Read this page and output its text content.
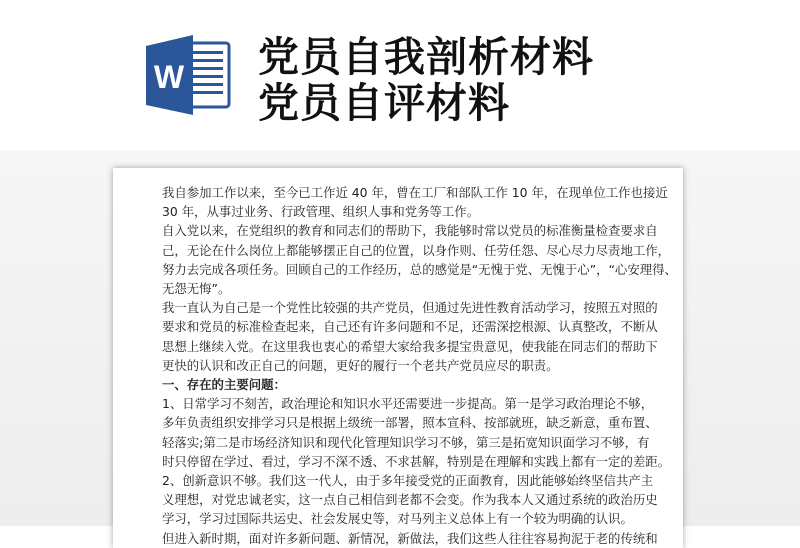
W 党员自我剖析材料
党员自评材料
我自参加工作以来，至今已工作近 40 年，曾在工厂和部队工作 10 年，在现单位工作也接近
30 年，从事过业务、行政管理、组织人事和党务等工作。
自入党以来，在党组织的教育和同志们的帮助下，我能够时常以党员的标准衡量检查要求自
己，无论在什么岗位上都能够摆正自己的位置，以身作则、任劳任怨、尽心尽力尽责地工作，
努力去完成各项任务。回顾自己的工作经历，总的感觉是“无愧于党、无愧于心”，“心安理得、
无怨无悔”。
我一直认为自己是一个党性比较强的共产党员，但通过先进性教育活动学习，按照五对照的
要求和党员的标准检查起来，自己还有许多问题和不足，还需深挖根源、认真整改，不断从
思想上继续入党。在这里我也衷心的希望大家给我多提宝贵意见，使我能在同志们的帮助下
更快的认识和改正自己的问题，更好的履行一个老共产党员应尽的职责。
一、存在的主要问题：
1、日常学习不刻苦，政治理论和知识水平还需要进一步提高。第一是学习政治理论不够，
多年负责组织安排学习只是根据上级统一部署，照本宣科、按部就班，缺乏新意，重布置、
轻落实;第二是市场经济知识和现代化管理知识学习不够，第三是拓宽知识面学习不够，有
时只停留在学过、看过，学习不深不透、不求甚解，特别是在理解和实践上都有一定的差距。
2、创新意识不够。我们这一代人，由于多年接受党的正面教育，因此能够始终坚信共产主
义理想，对党忠诚老实，这一点自己相信到老都不会变。作为我本人又通过系统的政治历史
学习，学习过国际共运史、社会发展史等，对马列主义总体上有一个较为明确的认识。
但进入新时期，面对许多新问题、新情况，新做法，我们这些人往往容易拘泥于老的传统和
